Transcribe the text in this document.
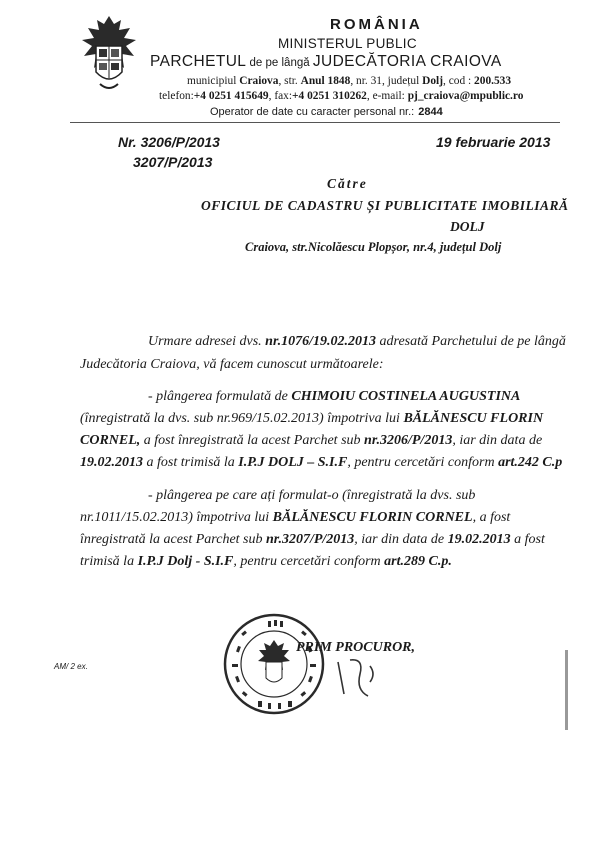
ROMÂNIA
MINISTERUL PUBLIC
PARCHETUL de pe lângă JUDECĂTORIA CRAIOVA
municipiul Craiova, str. Anul 1848, nr. 31, județul Dolj, cod : 200.533
telefon:+4 0251 415649, fax:+4 0251 310262, e-mail: pj_craiova@mpublic.ro
Operator de date cu caracter personal nr.: 2844
Nr. 3206/P/2013
3207/P/2013
19 februarie 2013
Către
OFICIUL DE CADASTRU ȘI PUBLICITATE IMOBILIARĂ
DOLJ
Craiova, str.Nicolăescu Plopșor, nr.4, județul Dolj
Urmare adresei dvs. nr.1076/19.02.2013 adresată Parchetului de pe lângă
Judecătoria Craiova, vă facem cunoscut următoarele:
- plângerea formulată de CHIMOIU COSTINELA AUGUSTINA
(înregistrată la dvs. sub nr.969/15.02.2013) împotriva lui BĂLĂNESCU FLORIN
CORNEL, a fost înregistrată la acest Parchet sub nr.3206/P/2013, iar din data de
19.02.2013 a fost trimisă la I.P.J DOLJ – S.I.F, pentru cercetări conform art.242 C.p
- plângerea pe care ați formulat-o (înregistrată la dvs. sub
nr.1011/15.02.2013) împotriva lui BĂLĂNESCU FLORIN CORNEL, a fost
înregistrată la acest Parchet sub nr.3207/P/2013, iar din data de 19.02.2013 a fost
trimisă la I.P.J Dolj - S.I.F, pentru cercetări conform art.289 C.p.
PRIM PROCUROR,
AM/ 2 ex.
